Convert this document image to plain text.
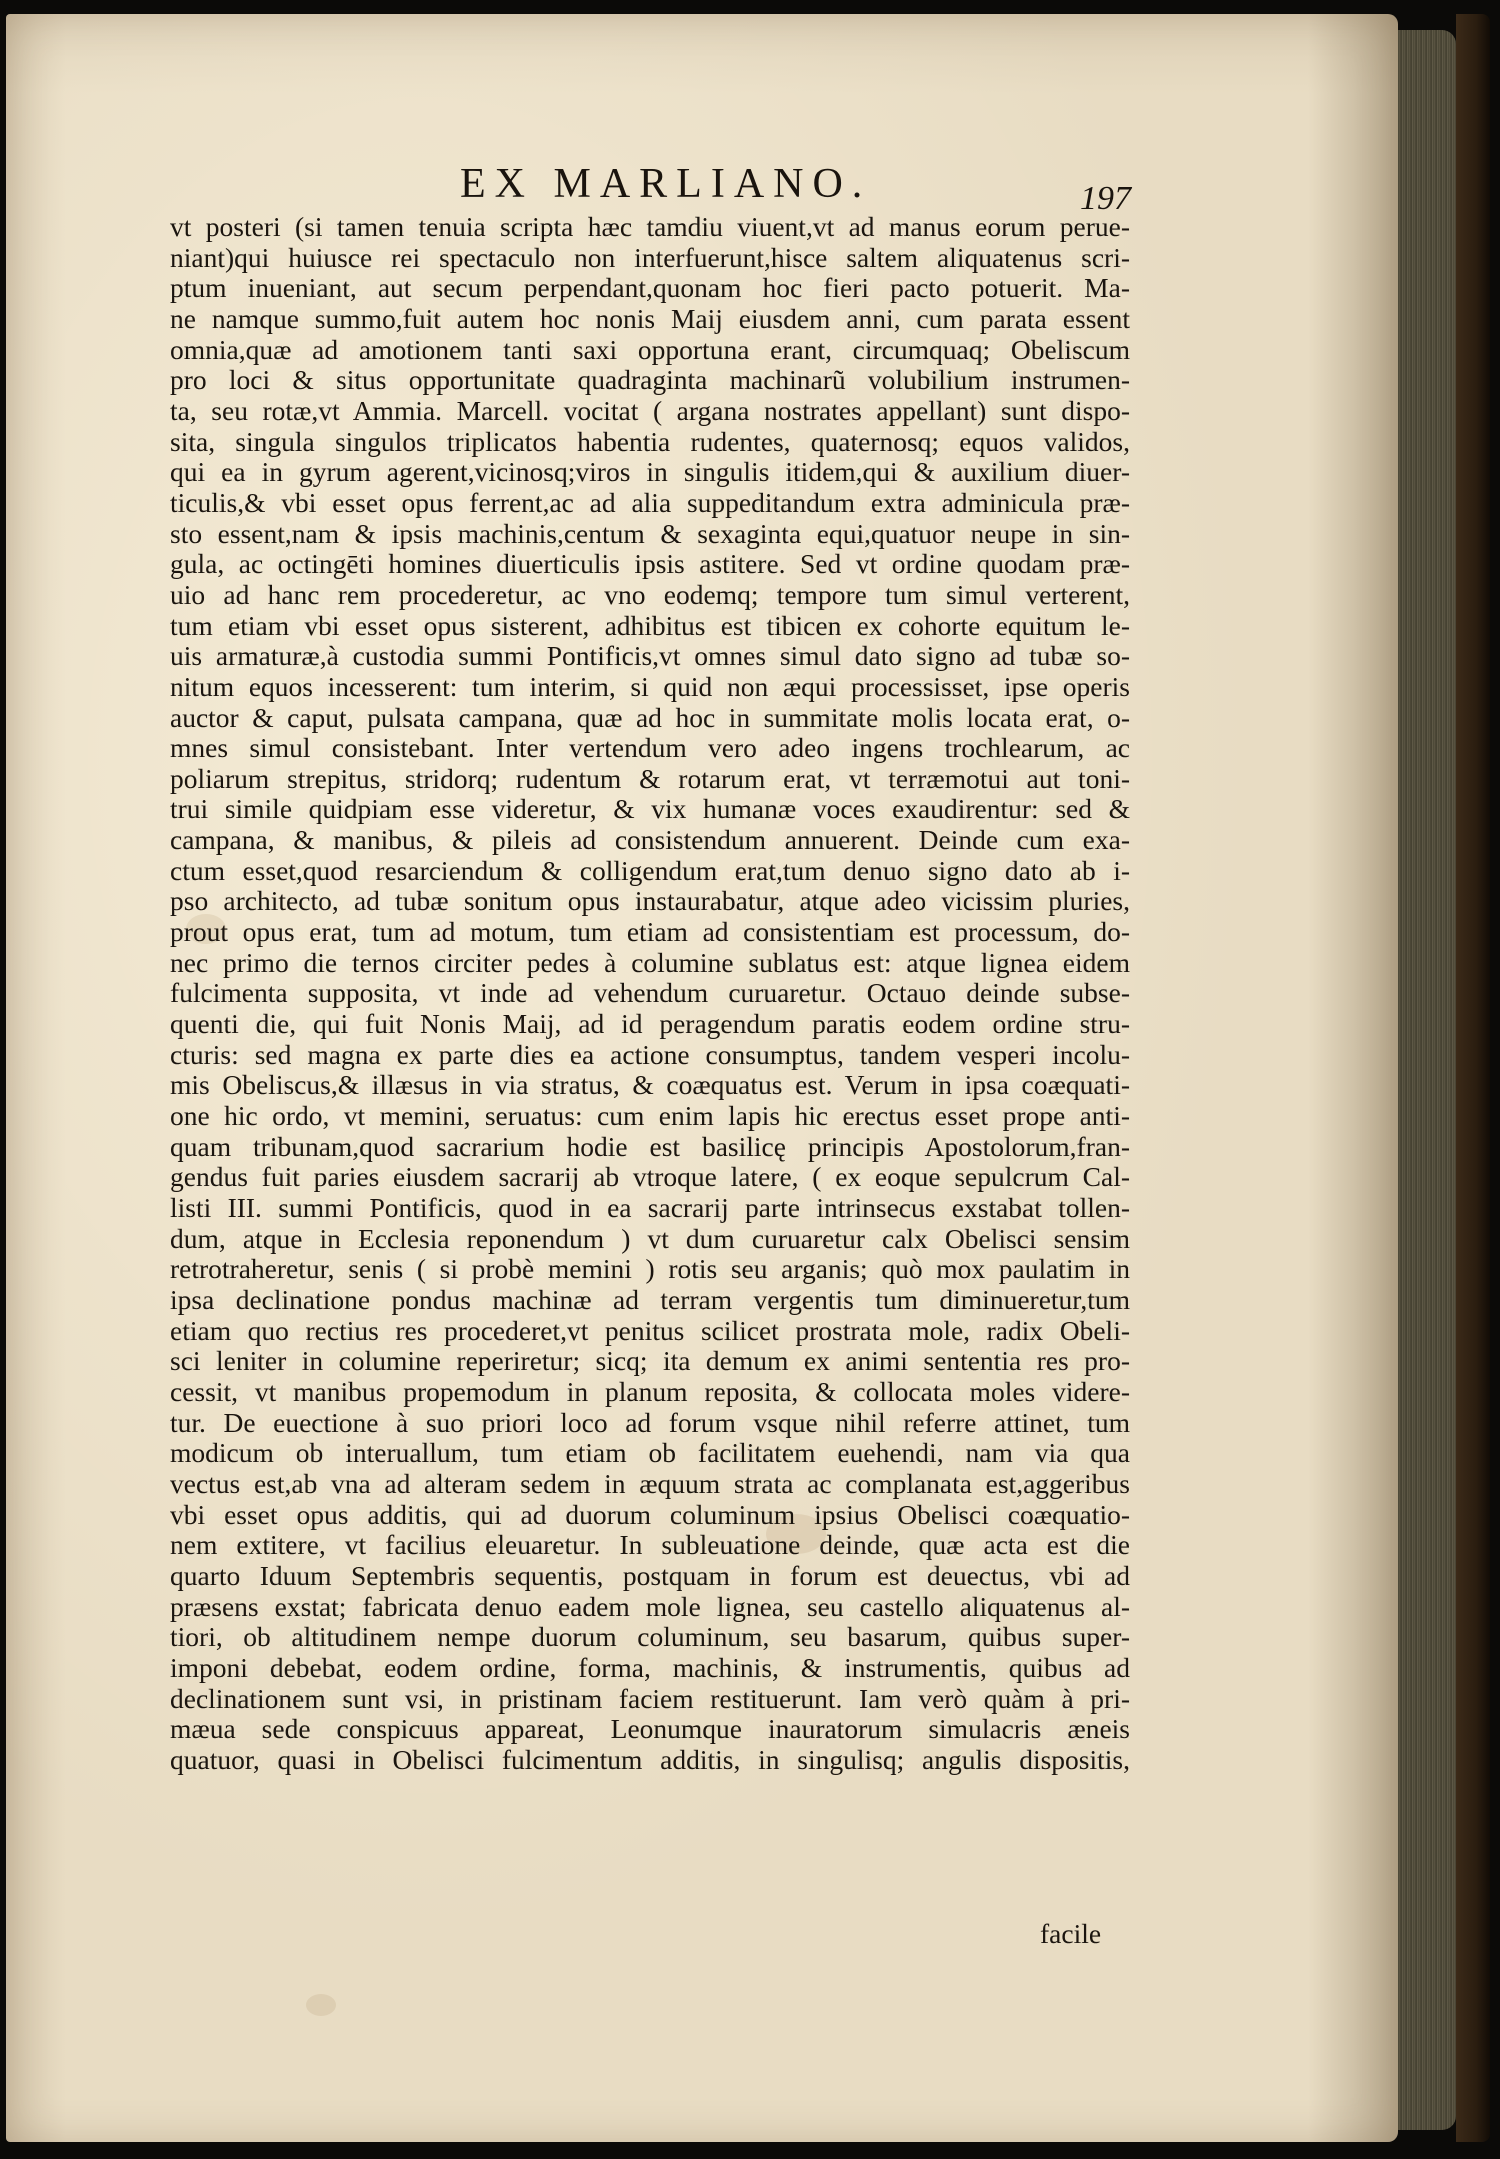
EX MARLIANO.	197
vt posteri (si tamen tenuia scripta hæc tamdiu viuent,vt ad manus eorum perue-
niant)qui huiusce rei spectaculo non interfuerunt,hisce saltem aliquatenus scri-
ptum inueniant, aut secum perpendant,quonam hoc fieri pacto potuerit. Ma-
ne namque summo,fuit autem hoc nonis Maij eiusdem anni, cum parata essent
omnia,quæ ad amotionem tanti saxi opportuna erant, circumquaq; Obeliscum
pro loci & situs opportunitate quadraginta machinarũ volubilium instrumen-
ta, seu rotæ,vt Ammia. Marcell. vocitat ( argana nostrates appellant) sunt dispo-
sita, singula singulos triplicatos habentia rudentes, quaternosq; equos validos,
qui ea in gyrum agerent,vicinosq;viros in singulis itidem,qui & auxilium diuer-
ticulis,& vbi esset opus ferrent,ac ad alia suppeditandum extra adminicula præ-
sto essent,nam & ipsis machinis,centum & sexaginta equi,quatuor neupe in sin-
gula, ac octingēti homines diuerticulis ipsis astitere. Sed vt ordine quodam præ-
uio ad hanc rem procederetur, ac vno eodemq; tempore tum simul verterent,
tum etiam vbi esset opus sisterent, adhibitus est tibicen ex cohorte equitum le-
uis armaturæ,à custodia summi Pontificis,vt omnes simul dato signo ad tubæ so-
nitum equos incesserent: tum interim, si quid non æqui processisset, ipse operis
auctor & caput, pulsata campana, quæ ad hoc in summitate molis locata erat, o-
mnes simul consistebant. Inter vertendum vero adeo ingens trochlearum, ac
poliarum strepitus, stridorq; rudentum & rotarum erat, vt terræmotui aut toni-
trui simile quidpiam esse videretur, & vix humanæ voces exaudirentur: sed &
campana, & manibus, & pileis ad consistendum annuerent. Deinde cum exa-
ctum esset,quod resarciendum & colligendum erat,tum denuo signo dato ab i-
pso architecto, ad tubæ sonitum opus instaurabatur, atque adeo vicissim pluries,
prout opus erat, tum ad motum, tum etiam ad consistentiam est processum, do-
nec primo die ternos circiter pedes à columine sublatus est: atque lignea eidem
fulcimenta supposita, vt inde ad vehendum curuaretur. Octauo deinde subse-
quenti die, qui fuit Nonis Maij, ad id peragendum paratis eodem ordine stru-
cturis: sed magna ex parte dies ea actione consumptus, tandem vesperi incolu-
mis Obeliscus,& illæsus in via stratus, & coæquatus est. Verum in ipsa coæquati-
one hic ordo, vt memini, seruatus: cum enim lapis hic erectus esset prope anti-
quam tribunam,quod sacrarium hodie est basilicę principis Apostolorum,fran-
gendus fuit paries eiusdem sacrarij ab vtroque latere, ( ex eoque sepulcrum Cal-
listi III. summi Pontificis, quod in ea sacrarij parte intrinsecus exstabat tollen-
dum, atque in Ecclesia reponendum ) vt dum curuaretur calx Obelisci sensim
retrotraheretur, senis ( si probè memini ) rotis seu arganis; quò mox paulatim in
ipsa declinatione pondus machinæ ad terram vergentis tum diminueretur,tum
etiam quo rectius res procederet,vt penitus scilicet prostrata mole, radix Obeli-
sci leniter in columine reperiretur; sicq; ita demum ex animi sententia res pro-
cessit, vt manibus propemodum in planum reposita, & collocata moles videre-
tur. De euectione à suo priori loco ad forum vsque nihil referre attinet, tum
modicum ob interuallum, tum etiam ob facilitatem euehendi, nam via qua
vectus est,ab vna ad alteram sedem in æquum strata ac complanata est,aggeribus
vbi esset opus additis, qui ad duorum columinum ipsius Obelisci coæquatio-
nem extitere, vt facilius eleuaretur. In subleuatione deinde, quæ acta est die
quarto Iduum Septembris sequentis, postquam in forum est deuectus, vbi ad
præsens exstat; fabricata denuo eadem mole lignea, seu castello aliquatenus al-
tiori, ob altitudinem nempe duorum columinum, seu basarum, quibus super-
imponi debebat, eodem ordine, forma, machinis, & instrumentis, quibus ad
declinationem sunt vsi, in pristinam faciem restituerunt. Iam verò quàm à pri-
mæua sede conspicuus appareat, Leonumque inauratorum simulacris æneis
quatuor, quasi in Obelisci fulcimentum additis, in singulisq; angulis dispositis,
facile
